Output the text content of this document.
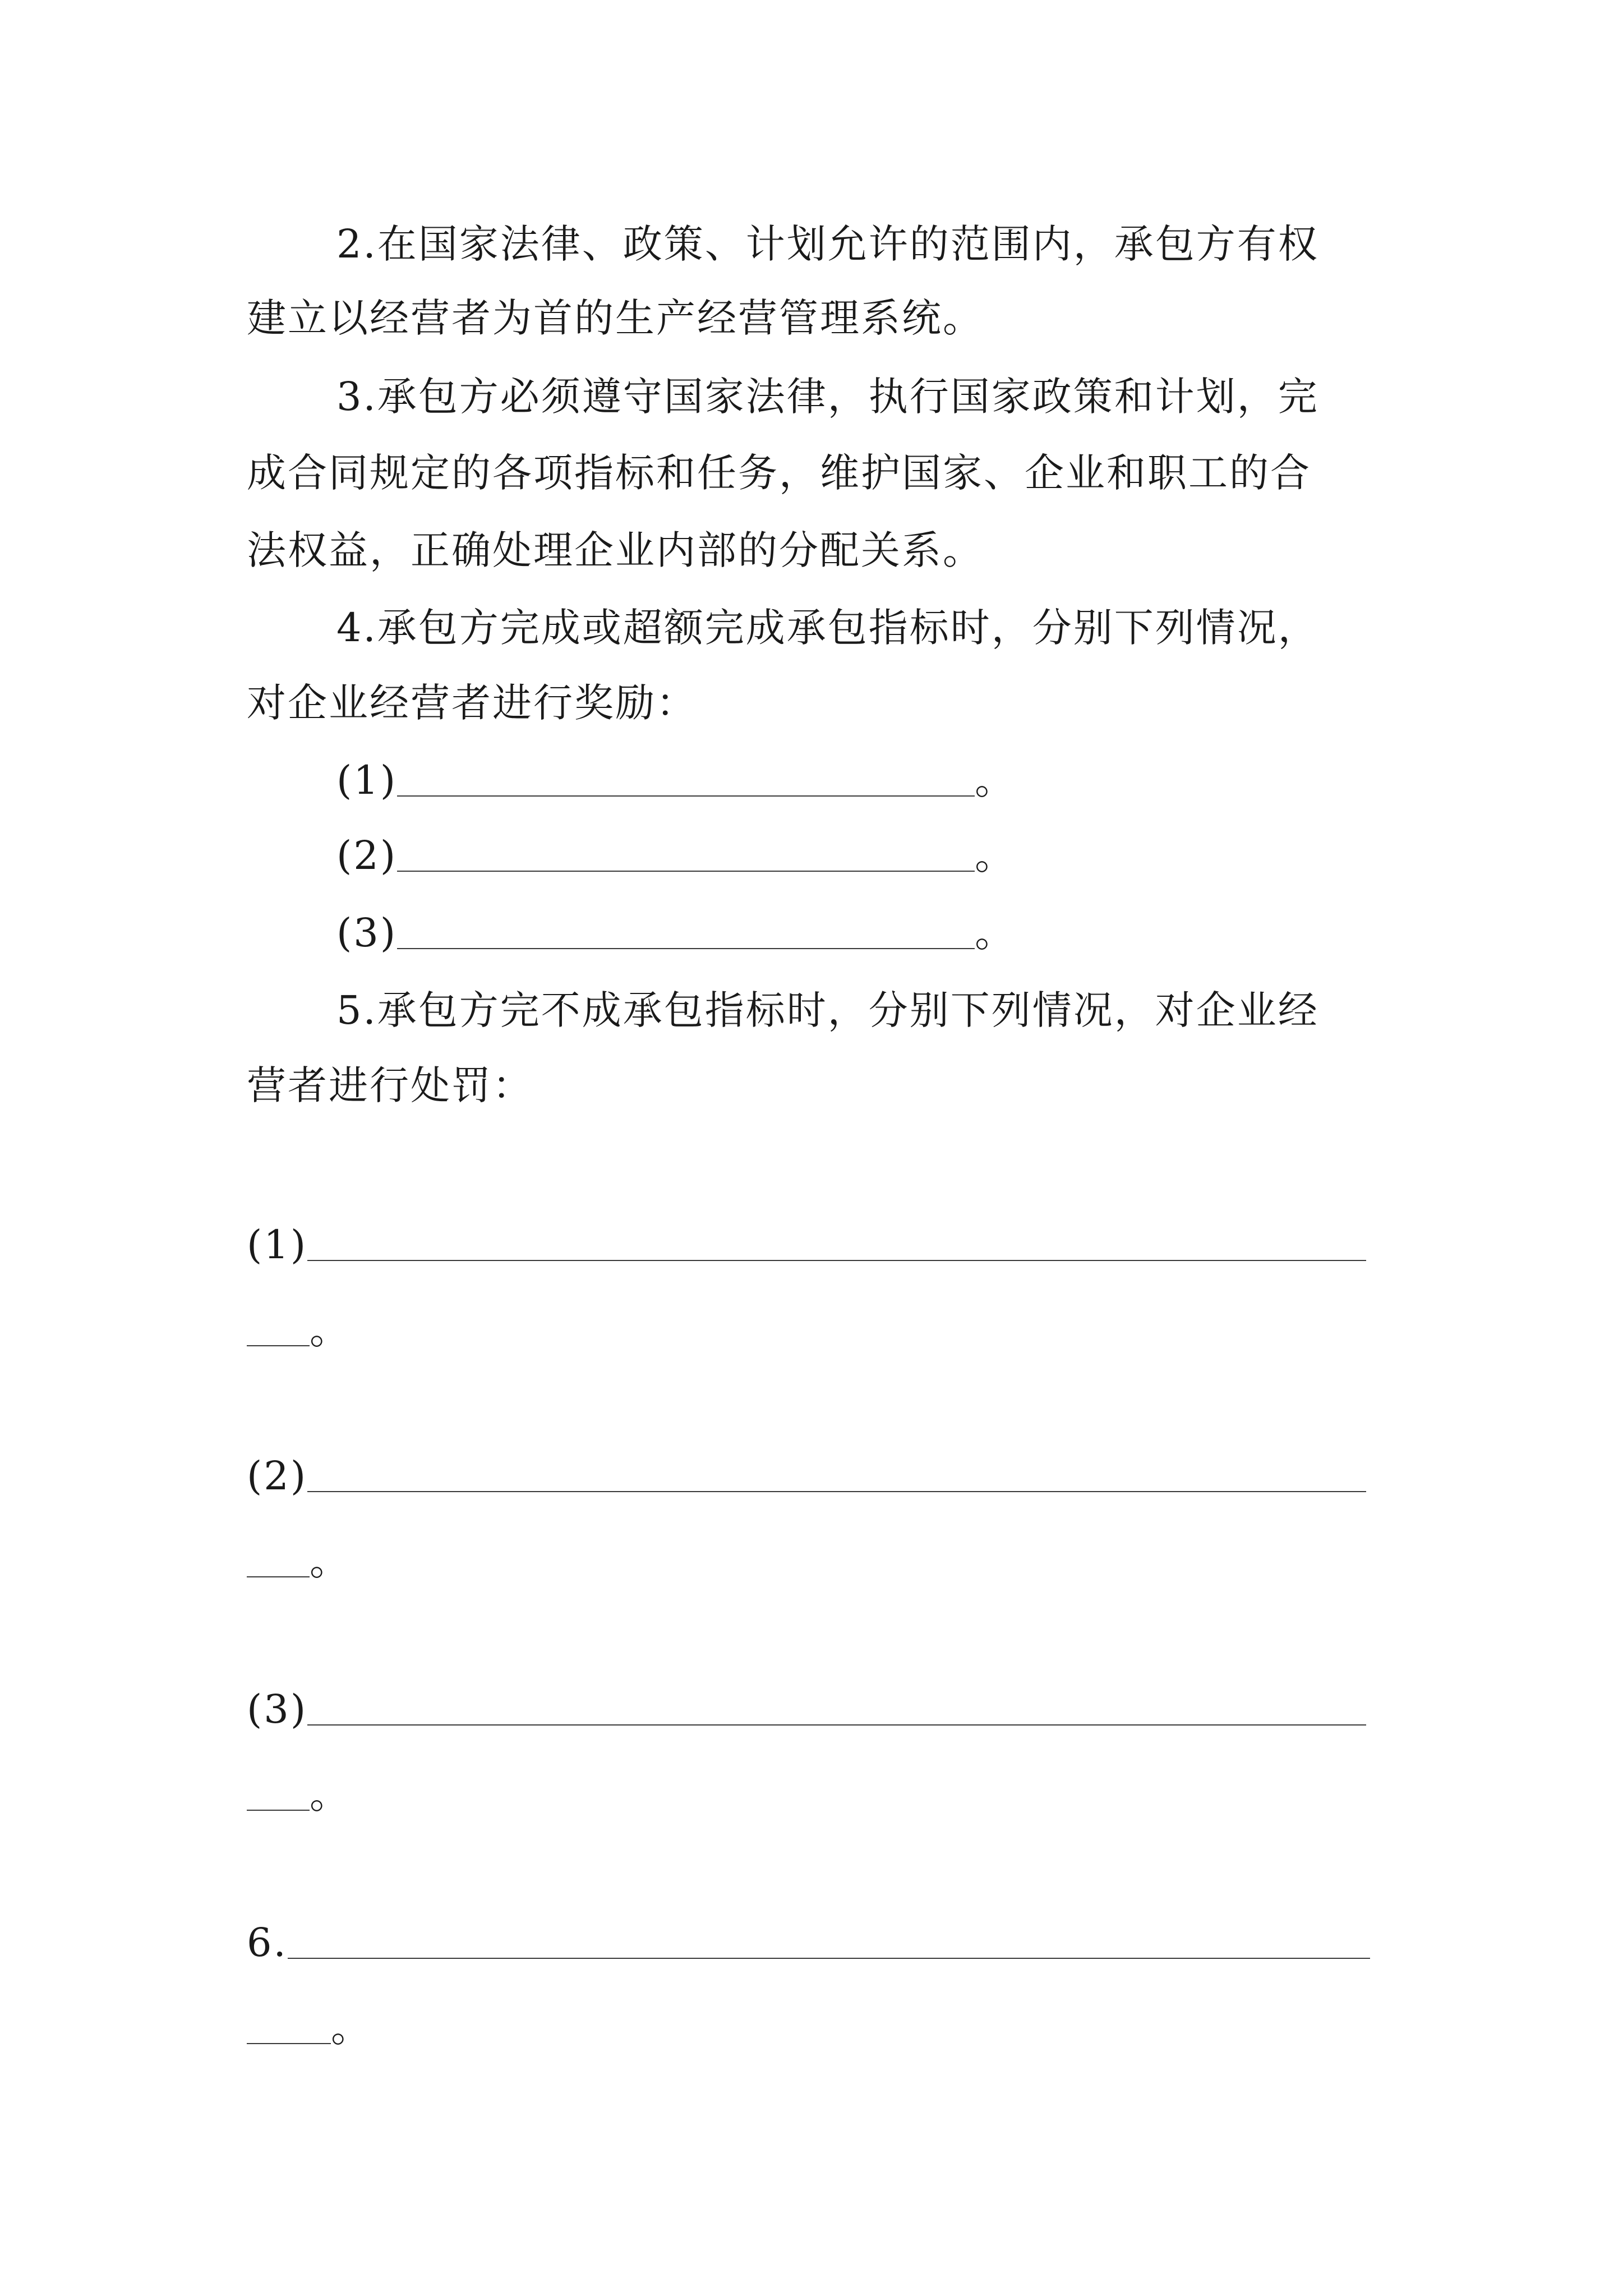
2.在国家法律、政策、计划允许的范围内，承包方有权
建立以经营者为首的生产经营管理系统。
3.承包方必须遵守国家法律，执行国家政策和计划，完
成合同规定的各项指标和任务，维护国家、企业和职工的合
法权益，正确处理企业内部的分配关系。
4.承包方完成或超额完成承包指标时，分别下列情况，
对企业经营者进行奖励：
(1)	。
(2)	。
(3)	。
5.承包方完不成承包指标时，分别下列情况，对企业经
营者进行处罚：
(1)
。
(2)
。
(3)
。
6.
。
